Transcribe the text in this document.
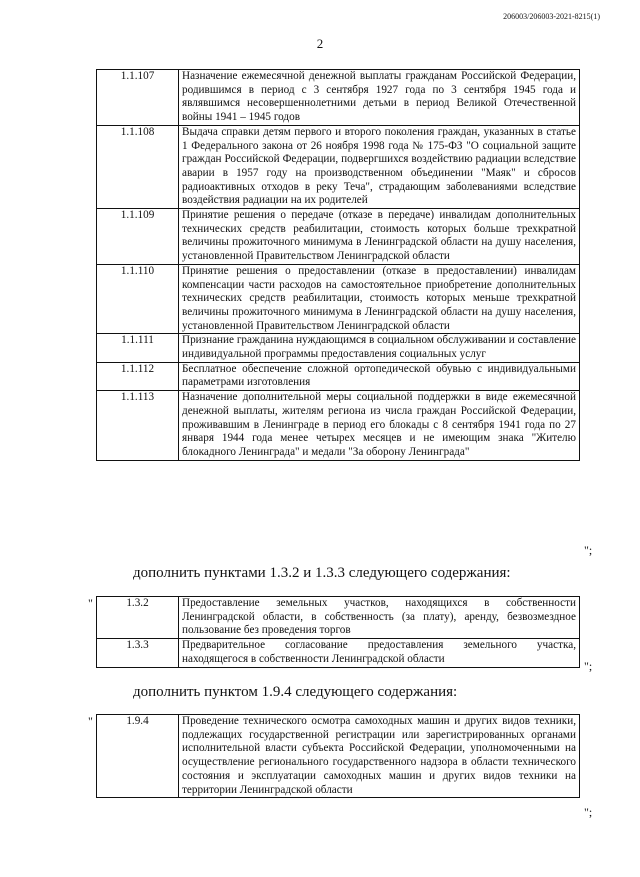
206003/206003-2021-8215(1)
2
1.1.107	Назначение ежемесячной денежной выплаты гражданам Российской Федерации, родившимся в период с 3 сентября 1927 года по 3 сентября 1945 года и являвшимся несовершеннолетними детьми в период Великой Отечественной войны 1941 – 1945 годов
1.1.108	Выдача справки детям первого и второго поколения граждан, указанных в статье 1 Федерального закона от 26 ноября 1998 года № 175-ФЗ "О социальной защите граждан Российской Федерации, подвергшихся воздействию радиации вследствие аварии в 1957 году на производственном объединении "Маяк" и сбросов радиоактивных отходов в реку Теча", страдающим заболеваниями вследствие воздействия радиации на их родителей
1.1.109	Принятие решения о передаче (отказе в передаче) инвалидам дополнительных технических средств реабилитации, стоимость которых больше трехкратной величины прожиточного минимума в Ленинградской области на душу населения, установленной Правительством Ленинградской области
1.1.110	Принятие решения о предоставлении (отказе в предоставлении) инвалидам компенсации части расходов на самостоятельное приобретение дополнительных технических средств реабилитации, стоимость которых меньше трехкратной величины прожиточного минимума в Ленинградской области на душу населения, установленной Правительством Ленинградской области
1.1.111	Признание гражданина нуждающимся в социальном обслуживании и составление индивидуальной программы предоставления социальных услуг
1.1.112	Бесплатное обеспечение сложной ортопедической обувью с индивидуальными параметрами изготовления
1.1.113	Назначение дополнительной меры социальной поддержки в виде ежемесячной денежной выплаты, жителям региона из числа граждан Российской Федерации, проживавшим в Ленинграде в период его блокады с 8 сентября 1941 года по 27 января 1944 года менее четырех месяцев и не имеющим знака "Жителю блокадного Ленинграда" и медали "За оборону Ленинграда"
";
дополнить пунктами 1.3.2 и 1.3.3 следующего содержания:
"	1.3.2	Предоставление земельных участков, находящихся в собственности Ленинградской области, в собственность (за плату), аренду, безвозмездное пользование без проведения торгов
1.3.3	Предварительное согласование предоставления земельного участка, находящегося в собственности Ленинградской области
";
дополнить пунктом 1.9.4 следующего содержания:
"	1.9.4	Проведение технического осмотра самоходных машин и других видов техники, подлежащих государственной регистрации или зарегистрированных органами исполнительной власти субъекта Российской Федерации, уполномоченными на осуществление регионального государственного надзора в области технического состояния и эксплуатации самоходных машин и других видов техники на территории Ленинградской области
";
